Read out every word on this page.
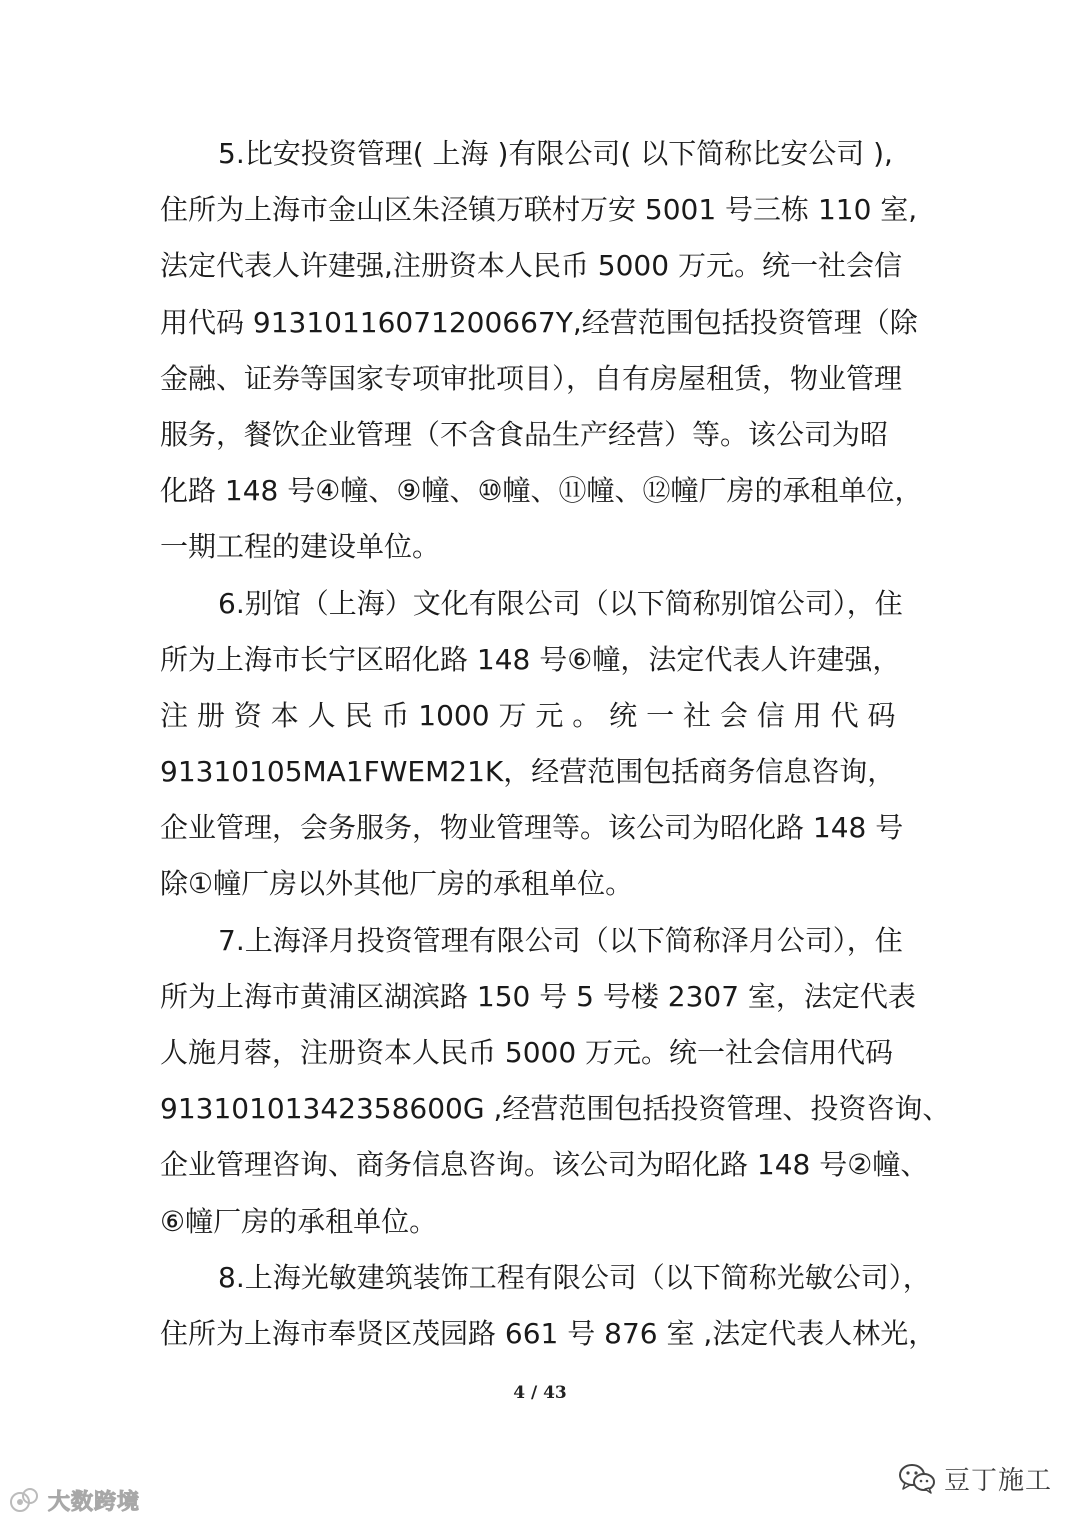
5.比安投资管理( 上海 )有限公司( 以下简称比安公司 ),
住所为上海市金山区朱泾镇万联村万安 5001 号三栋 110 室,
法定代表人许建强,注册资本人民币 5000 万元。统一社会信
用代码 91310116071200667Y,经营范围包括投资管理（除
金融、证券等国家专项审批项目），自有房屋租赁，物业管理
服务，餐饮企业管理（不含食品生产经营）等。该公司为昭
化路 148 号④幢、⑨幢、⑩幢、⑪幢、⑫幢厂房的承租单位，
一期工程的建设单位。
6.别馆（上海）文化有限公司（以下简称别馆公司），住
所为上海市长宁区昭化路 148 号⑥幢，法定代表人许建强，
注 册 资 本 人 民 币 1000 万 元 。 统 一 社 会 信 用 代 码
91310105MA1FWEM21K，经营范围包括商务信息咨询，
企业管理，会务服务，物业管理等。该公司为昭化路 148 号
除①幢厂房以外其他厂房的承租单位。
7.上海泽月投资管理有限公司（以下简称泽月公司），住
所为上海市黄浦区湖滨路 150 号 5 号楼 2307 室，法定代表
人施月蓉，注册资本人民币 5000 万元。统一社会信用代码
91310101342358600G ,经营范围包括投资管理、投资咨询、
企业管理咨询、商务信息咨询。该公司为昭化路 148 号②幢、
⑥幢厂房的承租单位。
8.上海光敏建筑装饰工程有限公司（以下简称光敏公司），
住所为上海市奉贤区茂园路 661 号 876 室 ,法定代表人林光，
4 / 43
大数跨境
豆丁施工
